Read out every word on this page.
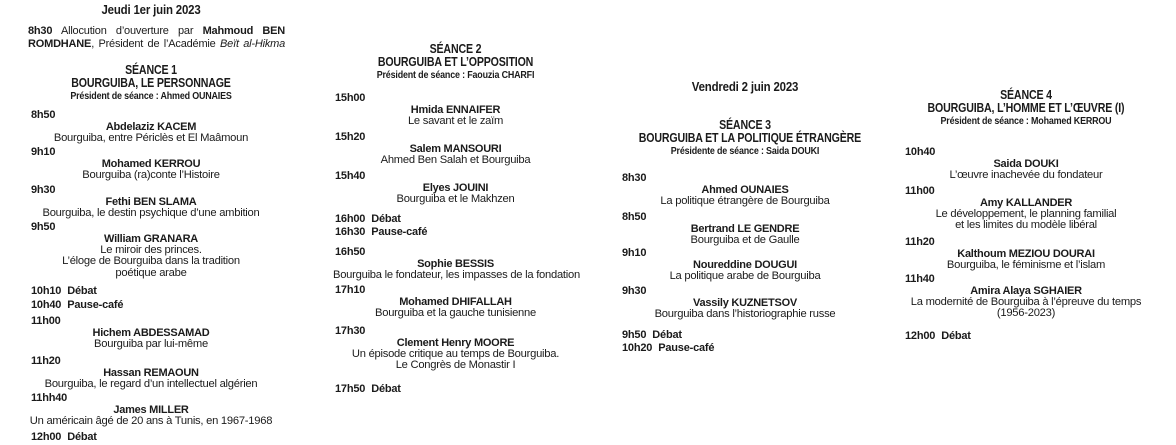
Jeudi 1er juin 2023
8h30 Allocution d’ouverture par Mahmoud BEN ROMDHANE, Président de l’Académie Beït al-Hikma
SÉANCE 1
BOURGUIBA, LE PERSONNAGE
Président de séance : Ahmed OUNAIES
8h50
Abdelaziz KACEM
Bourguiba, entre Périclès et El Maâmoun
9h10
Mohamed KERROU
Bourguiba (ra)conte l’Histoire
9h30
Fethi BEN SLAMA
Bourguiba, le destin psychique d’une ambition
9h50
William GRANARA
Le miroir des princes.
L’éloge de Bourguiba dans la tradition
poétique arabe
10h10 Débat
10h40 Pause-café
11h00
Hichem ABDESSAMAD
Bourguiba par lui-même
11h20
Hassan REMAOUN
Bourguiba, le regard d’un intellectuel algérien
11hh40
James MILLER
Un américain âgé de 20 ans à Tunis, en 1967-1968
12h00 Débat
SÉANCE 2
BOURGUIBA ET L’OPPOSITION
Président de séance : Faouzia CHARFI
15h00
Hmida ENNAIFER
Le savant et le zaïm
15h20
Salem MANSOURI
Ahmed Ben Salah et Bourguiba
15h40
Elyes JOUINI
Bourguiba et le Makhzen
16h00 Débat
16h30 Pause-café
16h50
Sophie BESSIS
Bourguiba le fondateur, les impasses de la fondation
17h10
Mohamed DHIFALLAH
Bourguiba et la gauche tunisienne
17h30
Clement Henry MOORE
Un épisode critique au temps de Bourguiba.
Le Congrès de Monastir I
17h50 Débat
Vendredi 2 juin 2023
SÉANCE 3
BOURGUIBA ET LA POLITIQUE ÉTRANGÈRE
Présidente de séance : Saida DOUKI
8h30
Ahmed OUNAIES
La politique étrangère de Bourguiba
8h50
Bertrand LE GENDRE
Bourguiba et de Gaulle
9h10
Noureddine DOUGUI
La politique arabe de Bourguiba
9h30
Vassily KUZNETSOV
Bourguiba dans l’historiographie russe
9h50 Débat
10h20 Pause-café
SÉANCE 4
BOURGUIBA, L’HOMME ET L’ŒUVRE (I)
Président de séance : Mohamed KERROU
10h40
Saida DOUKI
L’œuvre inachevée du fondateur
11h00
Amy KALLANDER
Le développement, le planning familial
et les limites du modèle libéral
11h20
Kalthoum MEZIOU DOURAI
Bourguiba, le féminisme et l’islam
11h40
Amira Alaya SGHAIER
La modernité de Bourguiba à l’épreuve du temps
(1956-2023)
12h00 Débat
